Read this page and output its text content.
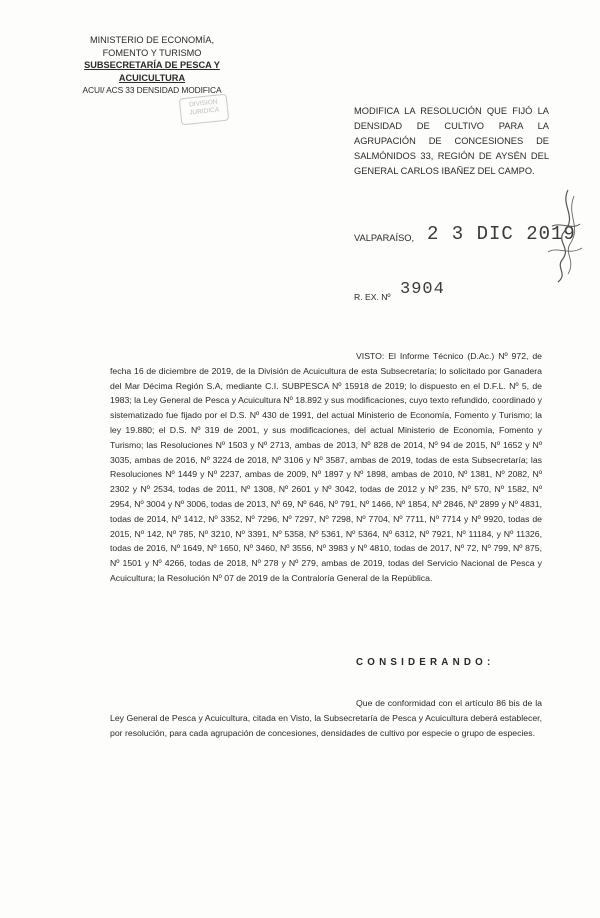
MINISTERIO DE ECONOMÍA,
FOMENTO Y TURISMO
SUBSECRETARÍA DE PESCA Y ACUICULTURA
ACUI/ ACS 33 DENSIDAD MODIFICA
DIVISION
JURIDICA	MODIFICA LA RESOLUCIÓN QUE FIJÓ LA DENSIDAD DE CULTIVO PARA LA AGRUPACIÓN DE CONCESIONES DE SALMÓNIDOS 33, REGIÓN DE AYSÉN DEL GENERAL CARLOS IBAÑEZ DEL CAMPO.
VALPARAÍSO, 2 3 DIC 2019
R. EX. Nº 3904
VISTO: El Informe Técnico (D.Ac.) Nº 972, de fecha 16 de diciembre de 2019, de la División de Acuicultura de esta Subsecretaría; lo solicitado por Ganadera del Mar Décima Región S.A, mediante C.I. SUBPESCA Nº 15918 de 2019; lo dispuesto en el D.F.L. Nº 5, de 1983; la Ley General de Pesca y Acuicultura Nº 18.892 y sus modificaciones, cuyo texto refundido, coordinado y sistematizado fue fijado por el D.S. Nº 430 de 1991, del actual Ministerio de Economía, Fomento y Turismo; la ley 19.880; el D.S. Nº 319 de 2001, y sus modificaciones, del actual Ministerio de Economía, Fomento y Turismo; las Resoluciones Nº 1503 y Nº 2713, ambas de 2013, Nº 828 de 2014, Nº 94 de 2015, Nº 1652 y Nº 3035, ambas de 2016, Nº 3224 de 2018, Nº 3106 y Nº 3587, ambas de 2019, todas de esta Subsecretaría; las Resoluciones Nº 1449 y Nº 2237, ambas de 2009, Nº 1897 y Nº 1898, ambas de 2010, Nº 1381, Nº 2082, Nº 2302 y Nº 2534, todas de 2011, Nº 1308, Nº 2601 y Nº 3042, todas de 2012 y Nº 235, Nº 570, Nº 1582, Nº 2954, Nº 3004 y Nº 3006, todas de 2013, Nº 69, Nº 646, Nº 791, Nº 1466, Nº 1854, Nº 2846, Nº 2899 y Nº 4831, todas de 2014, Nº 1412, Nº 3352, Nº 7296, Nº 7297, Nº 7298, Nº 7704, Nº 7711, Nº 7714 y Nº 9920, todas de 2015, Nº 142, Nº 785, Nº 3210, Nº 3391, Nº 5358, Nº 5361, Nº 5364, Nº 6312, Nº 7921, Nº 11184, y Nº 11326, todas de 2016, Nº 1649, Nº 1650, Nº 3460, Nº 3556, Nº 3983 y Nº 4810, todas de 2017, Nº 72, Nº 799, Nº 875, Nº 1501 y Nº 4266, todas de 2018, Nº 278 y Nº 279, ambas de 2019, todas del Servicio Nacional de Pesca y Acuicultura; la Resolución Nº 07 de 2019 de la Contraloría General de la República.
CONSIDERANDO:
Que de conformidad con el artículo 86 bis de la Ley General de Pesca y Acuicultura, citada en Visto, la Subsecretaría de Pesca y Acuicultura deberá establecer, por resolución, para cada agrupación de concesiones, densidades de cultivo por especie o grupo de especies.
